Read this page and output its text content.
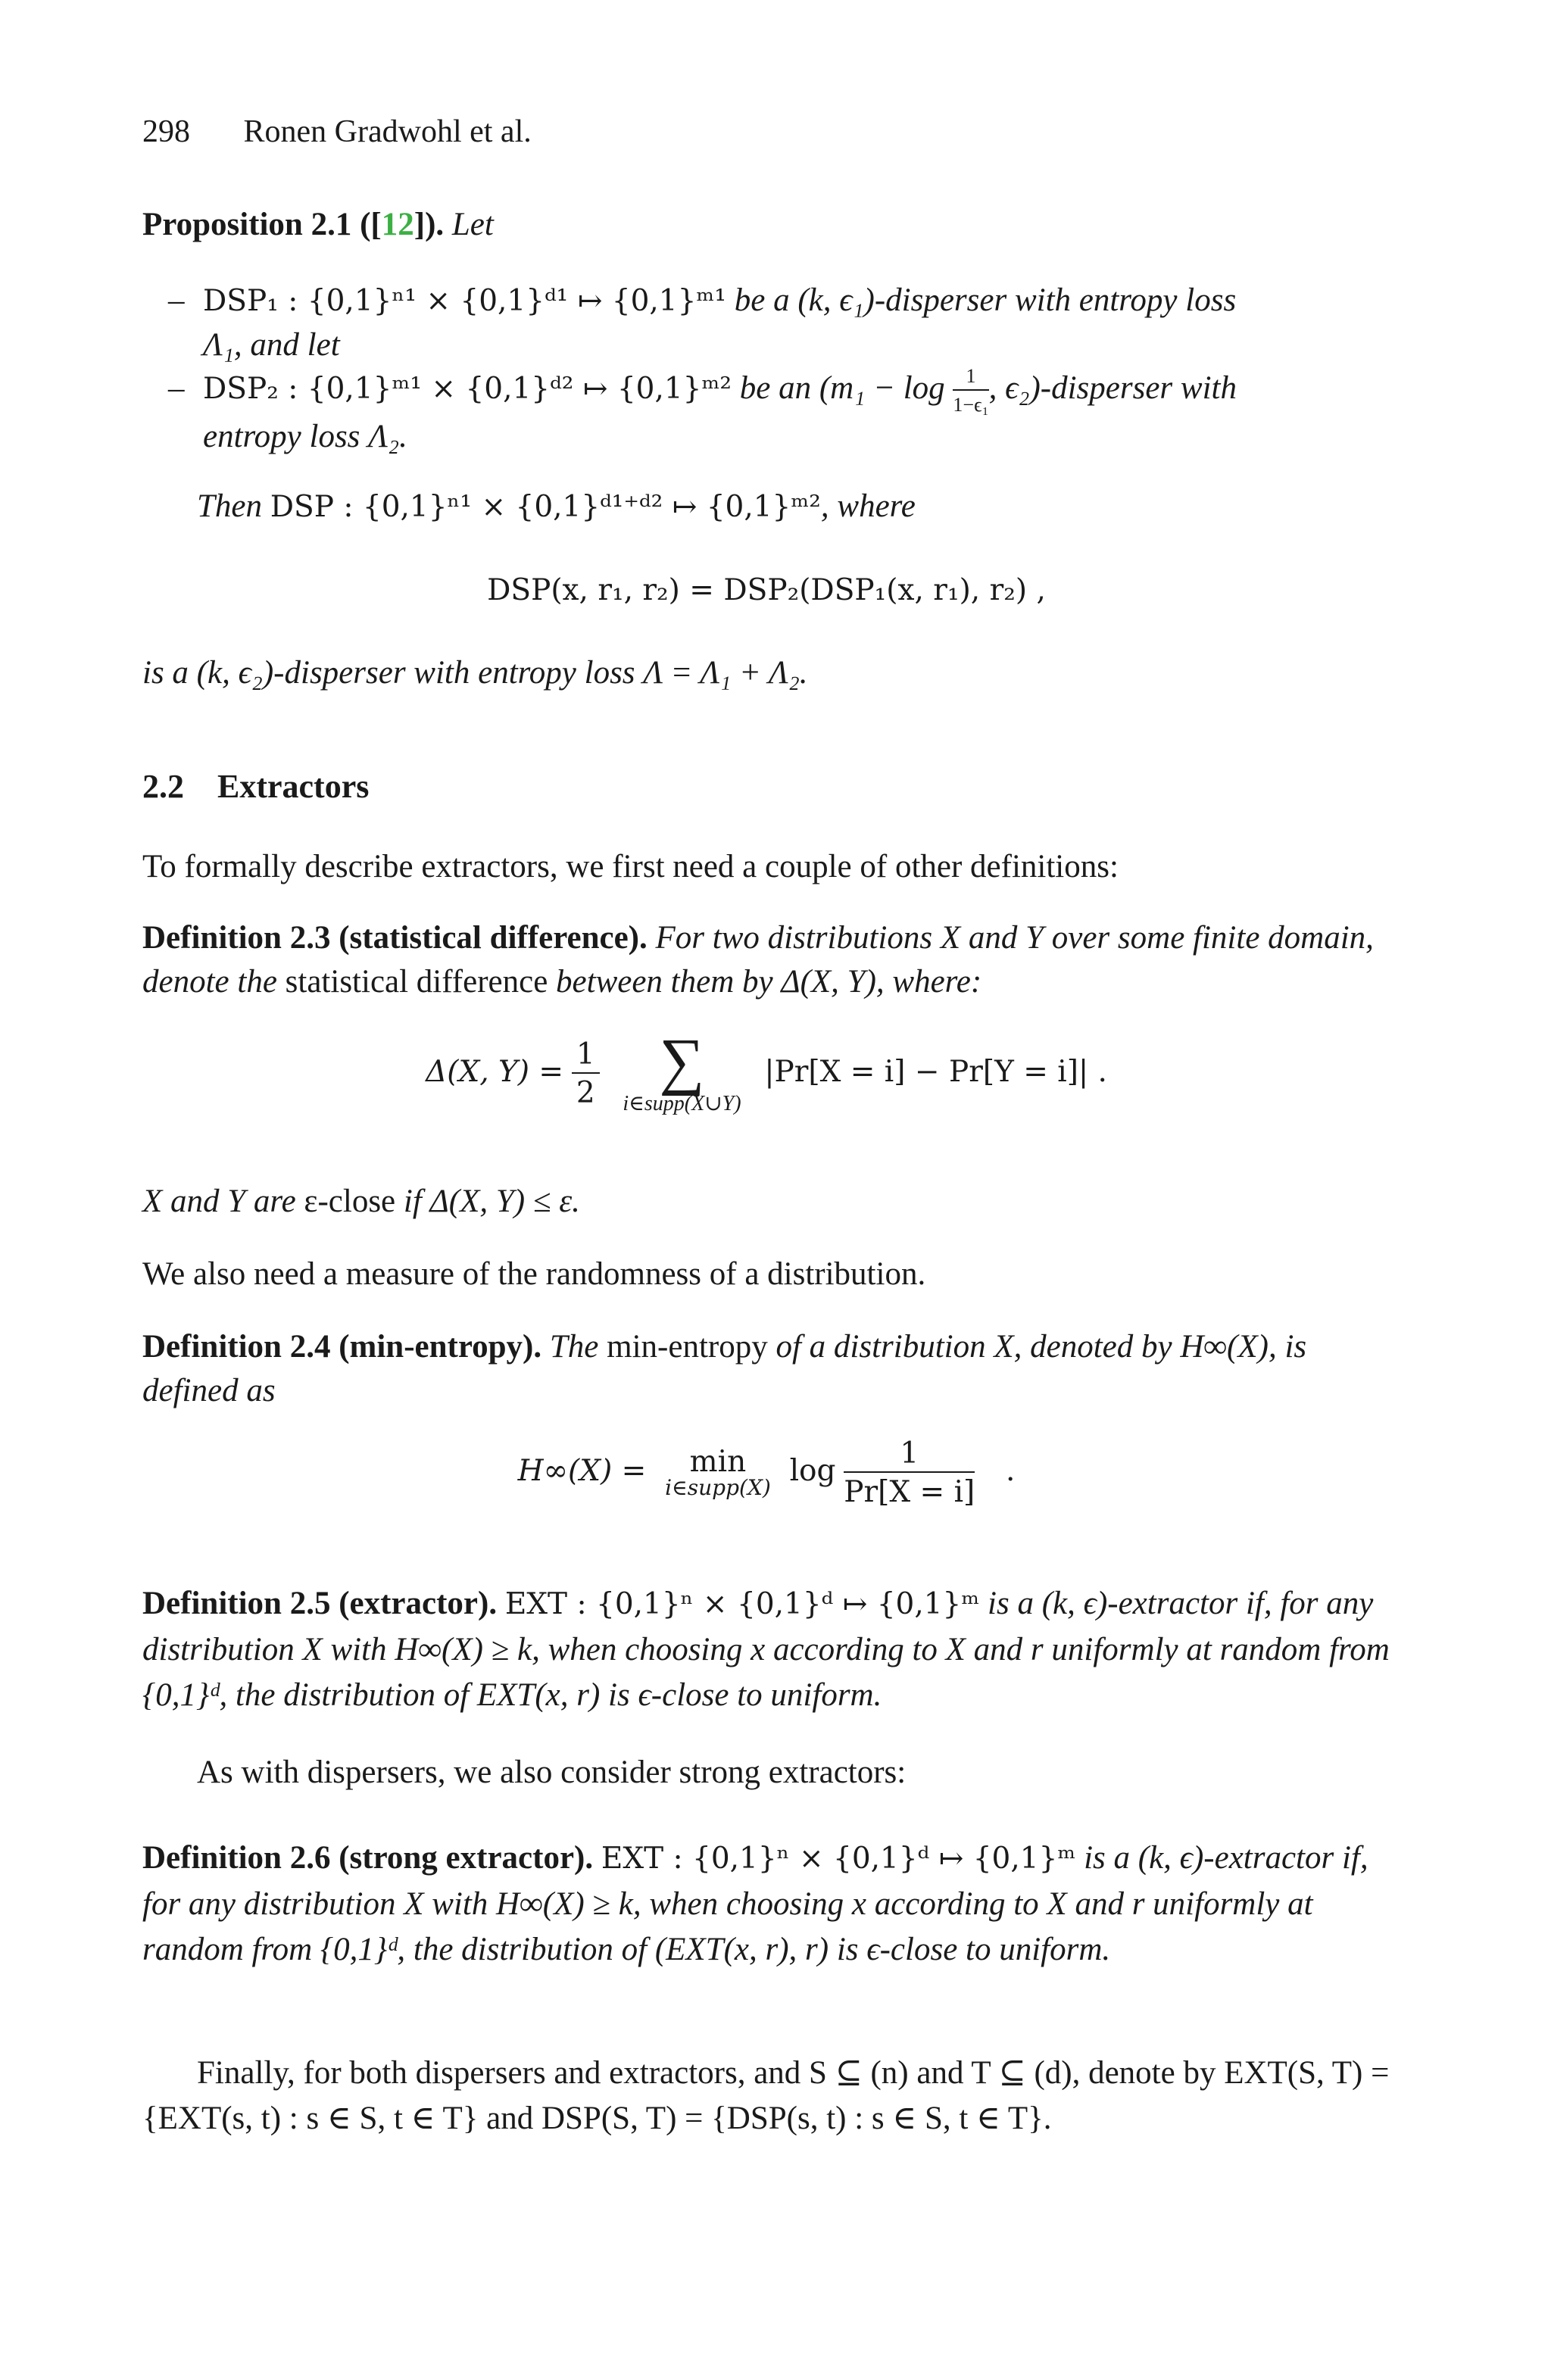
298 Ronen Gradwohl et al.
Proposition 2.1 ([12]). Let
– DSP₁ : {0,1}ⁿ¹ × {0,1}ᵈ¹ ↦ {0,1}ᵐ¹ be a (k, ϵ₁)-disperser with entropy loss
Λ₁, and let
– DSP₂ : {0,1}ᵐ¹ × {0,1}ᵈ² ↦ {0,1}ᵐ² be an ($m_1 - \log \frac{1}{\text{1−ϵ₁}}$ , ϵ₂)-disperser with
entropy loss Λ₂.
Then DSP : {0,1}ⁿ¹ × {0,1}ᵈ¹⁺ᵈ² ↦ {0,1}ᵐ², where
DSP(x, r₁, r₂) = DSP₂(DSP₁(x, r₁), r₂) ,
is a (k, ϵ₂)-disperser with entropy loss Λ = Λ₁ + Λ₂.
2.2 Extractors
To formally describe extractors, we first need a couple of other definitions:
Definition 2.3 (statistical difference). For two distributions X and Y over some finite domain, denote the statistical difference between them by Δ(X, Y), where:
Δ(X, $Y) = \frac{1}{2}$
∑
i∈supp(X∪Y)
|Pr[X = i] − Pr[Y = i]| .
X and Y are ε-close if Δ(X, Y) ≤ ε.
We also need a measure of the randomness of a distribution.
Definition 2.4 (min-entropy). The min-entropy of a distribution X, denoted by H∞(X), is defined as
H∞(X) = min
i∈supp(X) $\log \frac{1}{Pr[X = i]}$ .
Definition 2.5 (extractor). EXT : {0,1}ⁿ × {0,1}ᵈ ↦ {0,1}ᵐ is a (k, ϵ)-extractor if, for any distribution X with H∞(X) ≥ k, when choosing x according to X and r uniformly at random from {0,1}ᵈ, the distribution of EXT(x, r) is ϵ-close to uniform.
As with dispersers, we also consider strong extractors:
Definition 2.6 (strong extractor). EXT : {0,1}ⁿ × {0,1}ᵈ ↦ {0,1}ᵐ is a (k, ϵ)-extractor if, for any distribution X with H∞(X) ≥ k, when choosing x according to X and r uniformly at random from {0,1}ᵈ, the distribution of (EXT(x, r), r) is ϵ-close to uniform.
Finally, for both dispersers and extractors, and S ⊆ (n) and T ⊆ (d), denote by EXT(S, T) = {EXT(s, t) : s ∈ S, t ∈ T} and DSP(S, T) = {DSP(s, t) : s ∈ S, t ∈ T}.
